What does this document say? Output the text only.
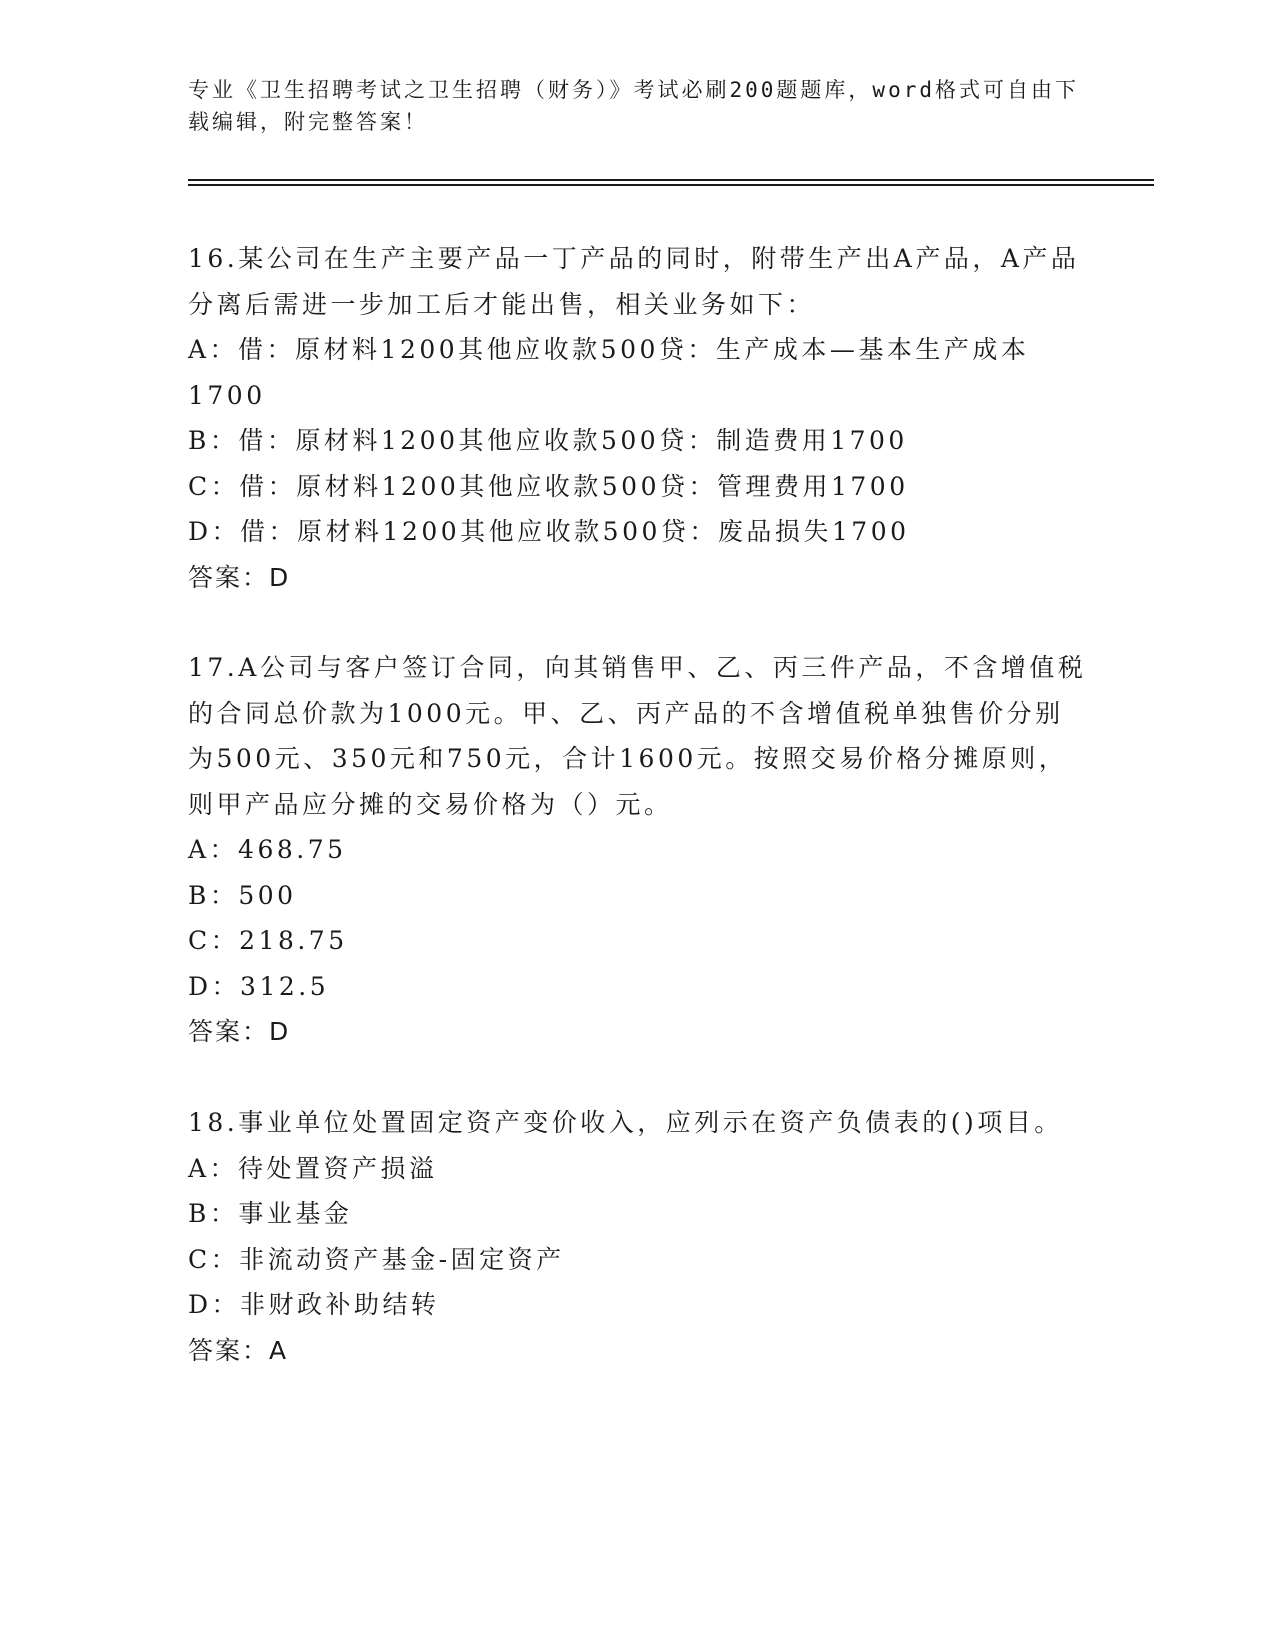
专业《卫生招聘考试之卫生招聘（财务）》考试必刷200题题库，word格式可自由下载编辑，附完整答案！

16.某公司在生产主要产品一丁产品的同时，附带生产出A产品，A产品分离后需进一步加工后才能出售，相关业务如下：

A：借：原材料1200其他应收款500贷：生产成本—基本生产成本1700

B：借：原材料1200其他应收款500贷：制造费用1700

C：借：原材料1200其他应收款500贷：管理费用1700

D：借：原材料1200其他应收款500贷：废品损失1700

答案：D

17.A公司与客户签订合同，向其销售甲、乙、丙三件产品，不含增值税的合同总价款为1000元。甲、乙、丙产品的不含增值税单独售价分别为500元、350元和750元，合计1600元。按照交易价格分摊原则，则甲产品应分摊的交易价格为（）元。

A：468.75

B：500

C：218.75

D：312.5

答案：D

18.事业单位处置固定资产变价收入，应列示在资产负债表的()项目。

A：待处置资产损溢

B：事业基金

C：非流动资产基金-固定资产

D：非财政补助结转

答案：A
